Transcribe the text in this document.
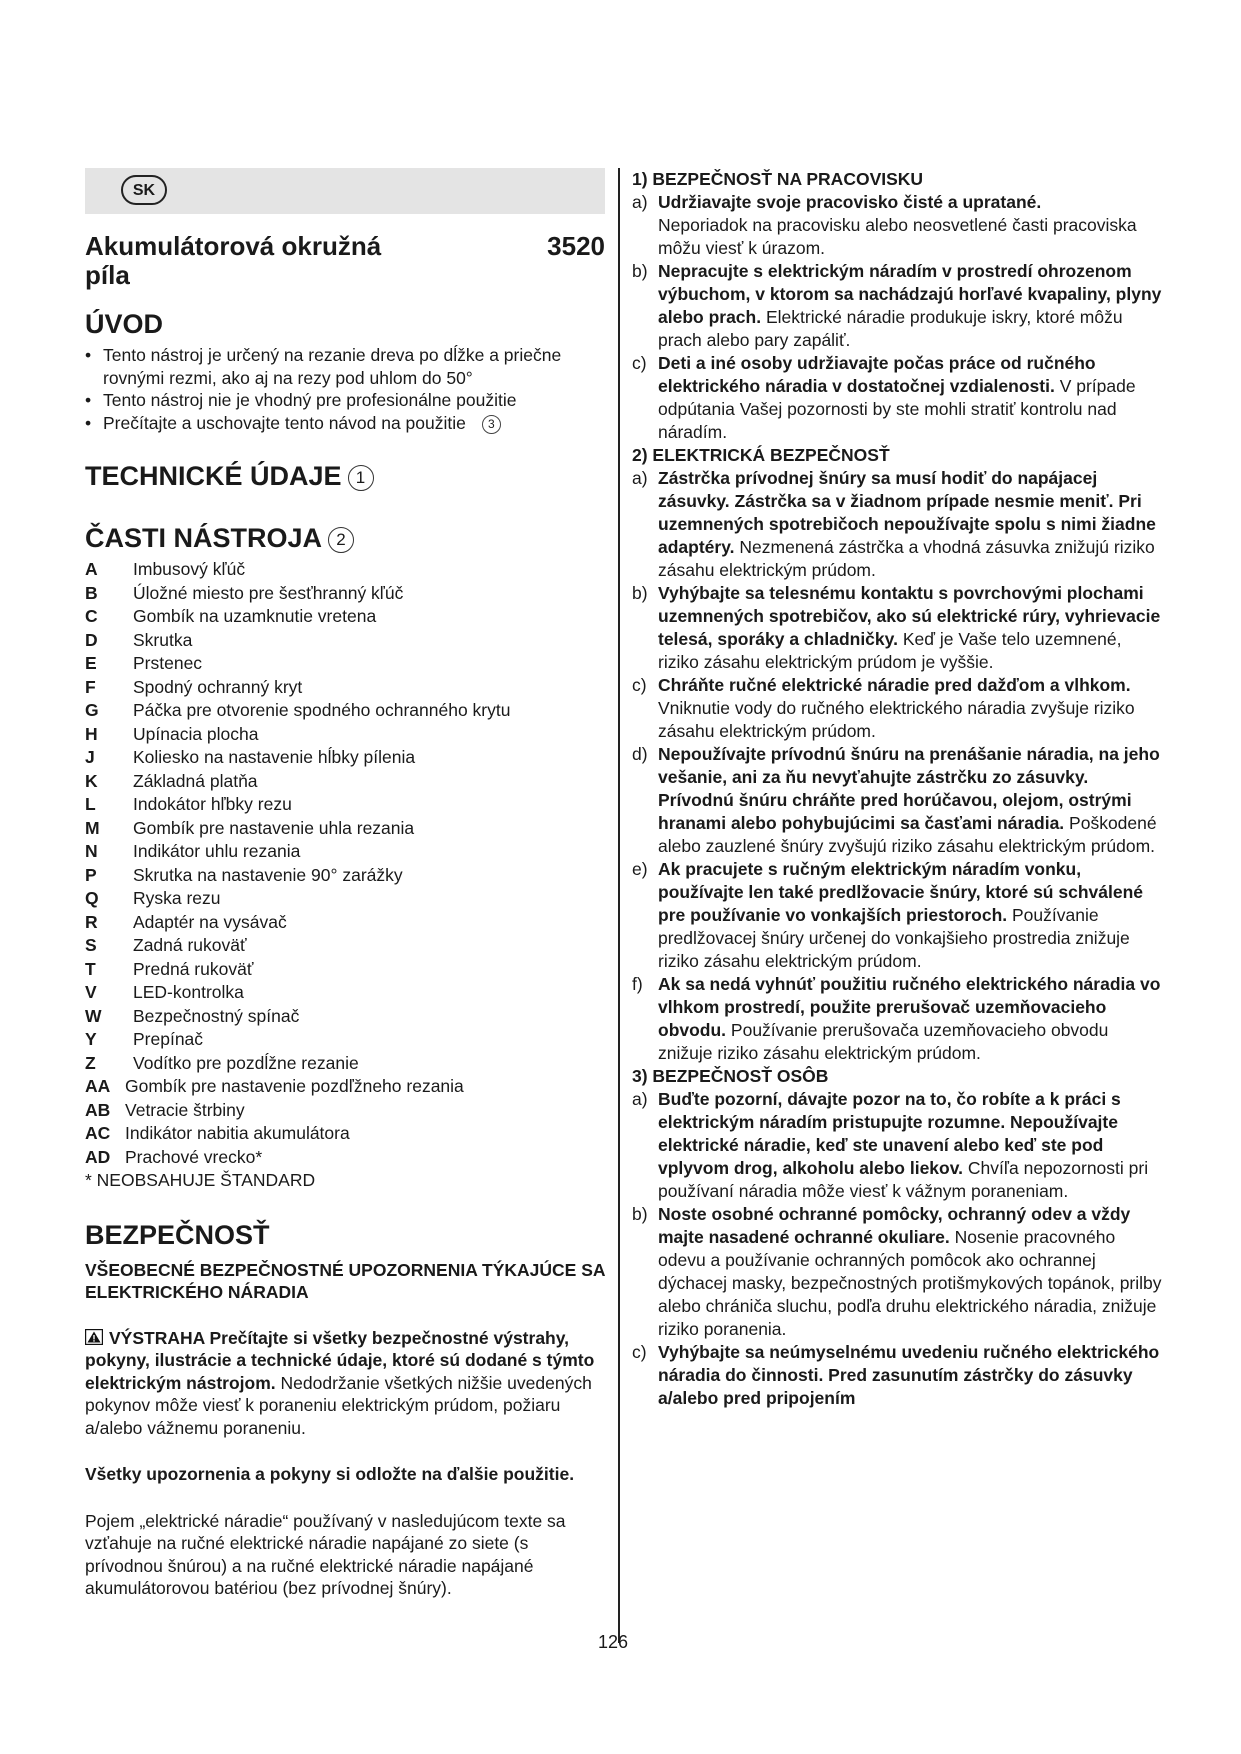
SK
Akumulátorová okružná
píla
3520
ÚVOD
• Tento nástroj je určený na rezanie dreva po dĺžke a priečne rovnými rezmi, ako aj na rezy pod uhlom do 50°
• Tento nástroj nie je vhodný pre profesionálne použitie
• Prečítajte a uschovajte tento návod na použitie 3
TECHNICKÉ ÚDAJE 1
ČASTI NÁSTROJA 2
A	Imbusový kľúč
B	Úložné miesto pre šesťhranný kľúč
C	Gombík na uzamknutie vretena
D	Skrutka
E	Prstenec
F	Spodný ochranný kryt
G	Páčka pre otvorenie spodného ochranného krytu
H	Upínacia plocha
J	Koliesko na nastavenie hĺbky pílenia
K	Základná platňa
L	Indokátor hľbky rezu
M	Gombík pre nastavenie uhla rezania
N	Indikátor uhlu rezania
P	Skrutka na nastavenie 90° zarážky
Q	Ryska rezu
R	Adaptér na vysávač
S	Zadná rukoväť
T	Predná rukoväť
V	LED-kontrolka
W	Bezpečnostný spínač
Y	Prepínač
Z	Vodítko pre pozdĺžne rezanie
AA Gombík pre nastavenie pozdľžneho rezania
AB Vetracie štrbiny
AC Indikátor nabitia akumulátora
AD Prachové vrecko*
* NEOBSAHUJE ŠTANDARD
BEZPEČNOSŤ
VŠEOBECNÉ BEZPEČNOSTNÉ UPOZORNENIA TÝKAJÚCE SA ELEKTRICKÉHO NÁRADIA

VÝSTRAHA Prečítajte si všetky bezpečnostné výstrahy, pokyny, ilustrácie a technické údaje, ktoré sú dodané s týmto elektrickým nástrojom. Nedodržanie všetkých nižšie uvedených pokynov môže viesť k poraneniu elektrickým prúdom, požiaru a/alebo vážnemu poraneniu.

Všetky upozornenia a pokyny si odložte na ďalšie použitie.

Pojem „elektrické náradie“ používaný v nasledujúcom texte sa vzťahuje na ručné elektrické náradie napájané zo siete (s prívodnou šnúrou) a na ručné elektrické náradie napájané akumulátorovou batériou (bez prívodnej šnúry).

1) BEZPEČNOSŤ NA PRACOVISKU
a) Udržiavajte svoje pracovisko čisté a upratané.
Neporiadok na pracovisku alebo neosvetlené časti pracoviska môžu viesť k úrazom.
b) Nepracujte s elektrickým náradím v prostredí ohrozenom výbuchom, v ktorom sa nachádzajú horľavé kvapaliny, plyny alebo prach. Elektrické náradie produkuje iskry, ktoré môžu prach alebo pary zapáliť.
c) Deti a iné osoby udržiavajte počas práce od ručného elektrického náradia v dostatočnej vzdialenosti. V prípade odpútania Vašej pozornosti by ste mohli stratiť kontrolu nad náradím.
2) ELEKTRICKÁ BEZPEČNOSŤ
a) Zástrčka prívodnej šnúry sa musí hodiť do napájacej zásuvky. Zástrčka sa v žiadnom prípade nesmie meniť. Pri uzemnených spotrebičoch nepoužívajte spolu s nimi žiadne adaptéry. Nezmenená zástrčka a vhodná zásuvka znižujú riziko zásahu elektrickým prúdom.
b) Vyhýbajte sa telesnému kontaktu s povrchovými plochami uzemnených spotrebičov, ako sú elektrické rúry, vyhrievacie telesá, sporáky a chladničky. Keď je Vaše telo uzemnené, riziko zásahu elektrickým prúdom je vyššie.
c) Chráňte ručné elektrické náradie pred dažďom a vlhkom. Vniknutie vody do ručného elektrického náradia zvyšuje riziko zásahu elektrickým prúdom.
d) Nepoužívajte prívodnú šnúru na prenášanie náradia, na jeho vešanie, ani za ňu nevyťahujte zástrčku zo zásuvky. Prívodnú šnúru chráňte pred horúčavou, olejom, ostrými hranami alebo pohybujúcimi sa časťami náradia. Poškodené alebo zauzlené šnúry zvyšujú riziko zásahu elektrickým prúdom.
e) Ak pracujete s ručným elektrickým náradím vonku, používajte len také predlžovacie šnúry, ktoré sú schválené pre používanie vo vonkajších priestoroch. Používanie predlžovacej šnúry určenej do vonkajšieho prostredia znižuje riziko zásahu elektrickým prúdom.
f) Ak sa nedá vyhnúť použitiu ručného elektrického náradia vo vlhkom prostredí, použite prerušovač uzemňovacieho obvodu. Používanie prerušovača uzemňovacieho obvodu znižuje riziko zásahu elektrickým prúdom.
3) BEZPEČNOSŤ OSÔB
a) Buďte pozorní, dávajte pozor na to, čo robíte a k práci s elektrickým náradím pristupujte rozumne. Nepoužívajte elektrické náradie, keď ste unavení alebo keď ste pod vplyvom drog, alkoholu alebo liekov. Chvíľa nepozornosti pri používaní náradia môže viesť k vážnym poraneniam.
b) Noste osobné ochranné pomôcky, ochranný odev a vždy majte nasadené ochranné okuliare. Nosenie pracovného odevu a používanie ochranných pomôcok ako ochrannej dýchacej masky, bezpečnostných protišmykových topánok, prilby alebo chrániča sluchu, podľa druhu elektrického náradia, znižuje riziko poranenia.
c) Vyhýbajte sa neúmyselnému uvedeniu ručného elektrického náradia do činnosti. Pred zasunutím zástrčky do zásuvky a/alebo pred pripojením
126
